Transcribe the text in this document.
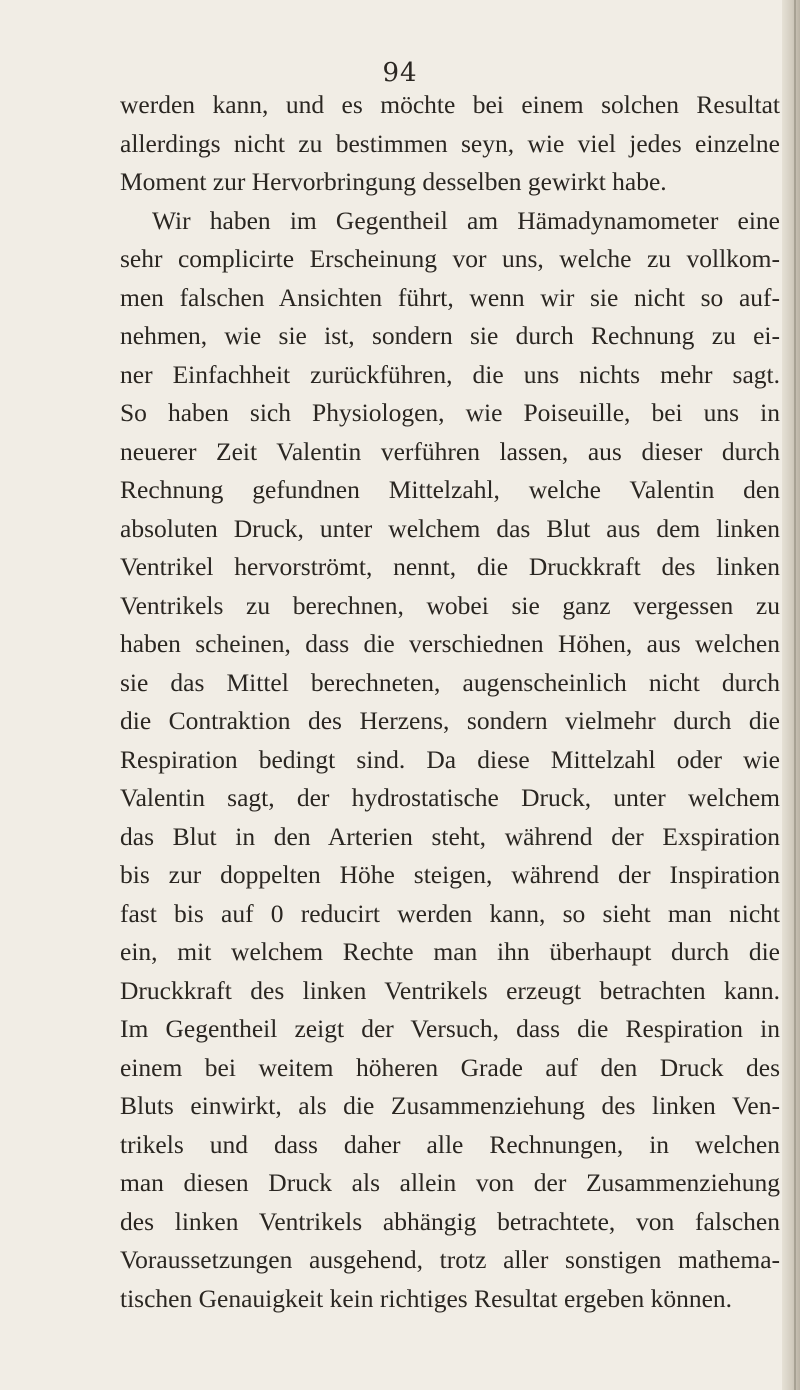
94
werden kann, und es möchte bei einem solchen Resultat
allerdings nicht zu bestimmen seyn, wie viel jedes einzelne
Moment zur Hervorbringung desselben gewirkt habe.
Wir haben im Gegentheil am Hämadynamometer eine
sehr complicirte Erscheinung vor uns, welche zu vollkom-
men falschen Ansichten führt, wenn wir sie nicht so auf-
nehmen, wie sie ist, sondern sie durch Rechnung zu ei-
ner Einfachheit zurückführen, die uns nichts mehr sagt.
So haben sich Physiologen, wie Poiseuille, bei uns in
neuerer Zeit Valentin verführen lassen, aus dieser durch
Rechnung gefundnen Mittelzahl, welche Valentin den
absoluten Druck, unter welchem das Blut aus dem linken
Ventrikel hervorströmt, nennt, die Druckkraft des linken
Ventrikels zu berechnen, wobei sie ganz vergessen zu
haben scheinen, dass die verschiednen Höhen, aus welchen
sie das Mittel berechneten, augenscheinlich nicht durch
die Contraktion des Herzens, sondern vielmehr durch die
Respiration bedingt sind. Da diese Mittelzahl oder wie
Valentin sagt, der hydrostatische Druck, unter welchem
das Blut in den Arterien steht, während der Exspiration
bis zur doppelten Höhe steigen, während der Inspiration
fast bis auf 0 reducirt werden kann, so sieht man nicht
ein, mit welchem Rechte man ihn überhaupt durch die
Druckkraft des linken Ventrikels erzeugt betrachten kann.
Im Gegentheil zeigt der Versuch, dass die Respiration in
einem bei weitem höheren Grade auf den Druck des
Bluts einwirkt, als die Zusammenziehung des linken Ven-
trikels und dass daher alle Rechnungen, in welchen
man diesen Druck als allein von der Zusammenziehung
des linken Ventrikels abhängig betrachtete, von falschen
Voraussetzungen ausgehend, trotz aller sonstigen mathema-
tischen Genauigkeit kein richtiges Resultat ergeben können.
